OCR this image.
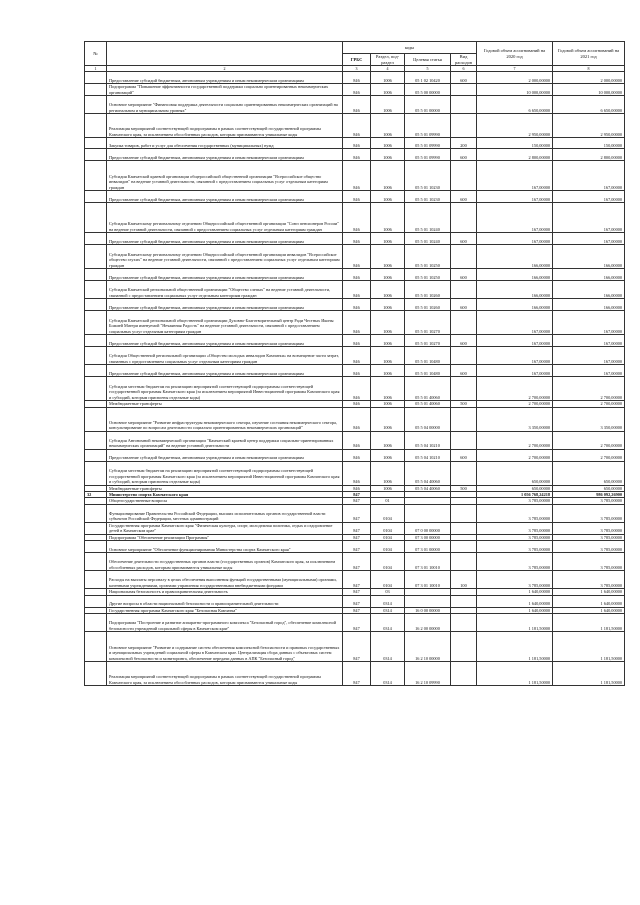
№		коды				Годовой объем ассигнований на 2020 год	Годовой объем ассигнований на 2021 год
		ГРБС	Раздел, под-раздел	Целевая статья	Вид расходов		
1	2	3	4	5	6	7	8
	Предоставление субсидий бюджетным, автономным учреждениям и иным некоммерческим организациям	846	1006	05 1 02 10420	600	2 000,00000	2 000,00000
	Подпрограмма "Повышение эффективности государственной поддержки социально ориентированных некоммерческих организаций"	846	1006	05 5 00 00000		10 000,00000	10 000,00000
	Основное мероприятие "Финансовая поддержка деятельности социально ориентированных некоммерческих организаций на региональном и муниципальном уровнях"	846	1006	05 5 01 00000		6 650,00000	6 650,00000
	Реализация мероприятий соответствующей подпрограммы в рамках соответствующей государственной программы Камчатского края, за исключением обособленных расходов, которым присваиваются уникальные коды	846	1006	05 5 01 09990		2 950,00000	2 950,00000
	Закупка товаров, работ и услуг для обеспечения государственных (муниципальных) нужд	846	1006	05 5 01 09990	200	150,00000	150,00000
	Предоставление субсидий бюджетным, автономным учреждениям и иным некоммерческим организациям	846	1006	05 5 01 09990	600	2 800,00000	2 800,00000
	Субсидия Камчатской краевой организации общероссийской общественной организации "Всероссийское общество инвалидов" на ведение уставной деятельности, связанной с предоставлением социальных услуг отдельным категориям граждан	846	1006	05 5 01 10230		167,00000	167,00000
	Предоставление субсидий бюджетным, автономным учреждениям и иным некоммерческим организациям	846	1006	05 5 01 10230	600	167,00000	167,00000
	Субсидия Камчатскому региональному отделению Общероссийской общественной организации "Союз пенсионеров России" на ведение уставной деятельности, связанной с предоставлением социальных услуг отдельным категориям граждан	846	1006	05 5 01 10240		167,00000	167,00000
	Предоставление субсидий бюджетным, автономным учреждениям и иным некоммерческим организациям	846	1006	05 5 01 10240	600	167,00000	167,00000
	Субсидия Камчатскому региональному отделению Общероссийской общественной организации инвалидов "Всероссийское общество глухих" на ведение уставной деятельности, связанной с предоставлением социальных услуг отдельным категориям граждан	846	1006	05 5 01 10250		166,00000	166,00000
	Предоставление субсидий бюджетным, автономным учреждениям и иным некоммерческим организациям	846	1006	05 5 01 10250	600	166,00000	166,00000
	Субсидия Камчатской региональной общественной организации "Общество слепых" на ведение уставной деятельности, связанной с предоставлением социальных услуг отдельным категориям граждан	846	1006	05 5 01 10260		166,00000	166,00000
	Предоставление субсидий бюджетным, автономным учреждениям и иным некоммерческим организациям	846	1006	05 5 01 10260	600	166,00000	166,00000
	Субсидия Камчатской региональной общественной организации Духовно-Благотворительный центр Ради Честных Иконы Божией Матери именуемой "Нечаянная Радость" на ведение уставной деятельности, связанной с предоставлением социальных услуг отдельным категориям граждан	846	1006	05 5 01 10270		167,00000	167,00000
	Предоставление субсидий бюджетным, автономным учреждениям и иным некоммерческим организациям	846	1006	05 5 01 10270	600	167,00000	167,00000
	Субсидия Общественной региональной организации «Общество молодых инвалидов Камчатки» на возмещение части затрат, связанных с предоставлением социальных услуг отдельным категориям граждан	846	1006	05 5 01 10480		167,00000	167,00000
	Предоставление субсидий бюджетным, автономным учреждениям и иным некоммерческим организациям	846	1006	05 5 01 10480	600	167,00000	167,00000
	Субсидии местным бюджетам на реализацию мероприятий соответствующей подпрограммы соответствующей государственной программы Камчатского края (за исключением мероприятий Инвестиционной программы Камчатского края и субсидий, которым присвоены отдельные коды)	846	1006	05 5 01 40060		2 700,00000	2 700,00000
	Межбюджетные трансферты	846	1006	05 5 01 40060	500	2 700,00000	2 700,00000
	Основное мероприятие "Развитие инфраструктуры некоммерческого сектора, изучение состояния некоммерческого сектора, консультирование по вопросам деятельности социально ориентированных некоммерческих организаций"	846	1006	05 5 04 00000		3 350,00000	3 350,00000
	Субсидия Автономной некоммерческой организации "Камчатский краевой центр поддержки социально-ориентированных некоммерческих организаций" на ведение уставной деятельности	846	1006	05 5 04 10210		2 700,00000	2 700,00000
	Предоставление субсидий бюджетным, автономным учреждениям и иным некоммерческим организациям	846	1006	05 5 04 10210	600	2 700,00000	2 700,00000
	Субсидии местным бюджетам на реализацию мероприятий соответствующей подпрограммы соответствующей государственной программы Камчатского края (за исключением мероприятий Инвестиционной программы Камчатского края и субсидий, которым присвоены отдельные коды)	846	1006	05 5 04 40060		650,00000	650,00000
	Межбюджетные трансферты	846	1006	05 5 04 40060	500	650,00000	650,00000
32	Министерство спорта Камчатского края	847				1 056 768,24218	986 092,26900
	Общегосударственные вопросы	847	01			3 785,00000	3 785,00000
	Функционирование Правительства Российской Федерации, высших исполнительных органов государственной власти субъектов Российской Федерации, местных администраций	847	0104			3 785,00000	3 785,00000
	Государственная программа Камчатского края "Физическая культура, спорт, молодежная политика, отдых и оздоровление детей в Камчатском крае"	847	0104	07 0 00 00000		3 785,00000	3 785,00000
	Подпрограмма "Обеспечение реализации Программы"	847	0104	07 3 00 00000		3 785,00000	3 785,00000
	Основное мероприятие "Обеспечение функционирования Министерства спорта Камчатского края"	847	0104	07 3 01 00000		3 785,00000	3 785,00000
	Обеспечение деятельности государственных органов власти (государственных органов) Камчатского края, за исключением обособленных расходов, которым присваиваются уникальные коды	847	0104	07 3 01 10010		3 785,00000	3 785,00000
	Расходы на выплаты персоналу в целях обеспечения выполнения функций государственными (муниципальными) органами, казенными учреждениями, органами управления государственными внебюджетными фондами	847	0104	07 3 01 10010	100	3 785,00000	3 785,00000
	Национальная безопасность и правоохранительная деятельность	847	03			1 640,00000	1 640,00000
	Другие вопросы в области национальной безопасности и правоохранительной деятельности	847	0314			1 640,00000	1 640,00000
	Государственная программа Камчатского края "Безопасная Камчатка"	847	0314	16 0 00 00000		1 640,00000	1 640,00000
	Подпрограмма "Построение и развитие аппаратно-программного комплекса "Безопасный город", обеспечение комплексной безопасности учреждений социальной сферы в Камчатском крае"	847	0314	16 2 00 00000		1 181,50000	1 181,50000
	Основное мероприятие "Развитие и содержание систем обеспечения комплексной безопасности и правовых государственных и муниципальных учреждений социальной сферы в Камчатском крае. Централизация сбора данных с объектовых систем комплексной безопасности и мониторинга, обеспечение передачи данных в АПК "Безопасный город"	847	0314	16 2 10 00000		1 181,50000	1 181,50000
	Реализация мероприятий соответствующей подпрограммы в рамках соответствующей государственной программы Камчатского края, за исключением обособленных расходов, которым присваиваются уникальные коды	847	0314	16 2 10 09990		1 181,50000	1 181,50000
